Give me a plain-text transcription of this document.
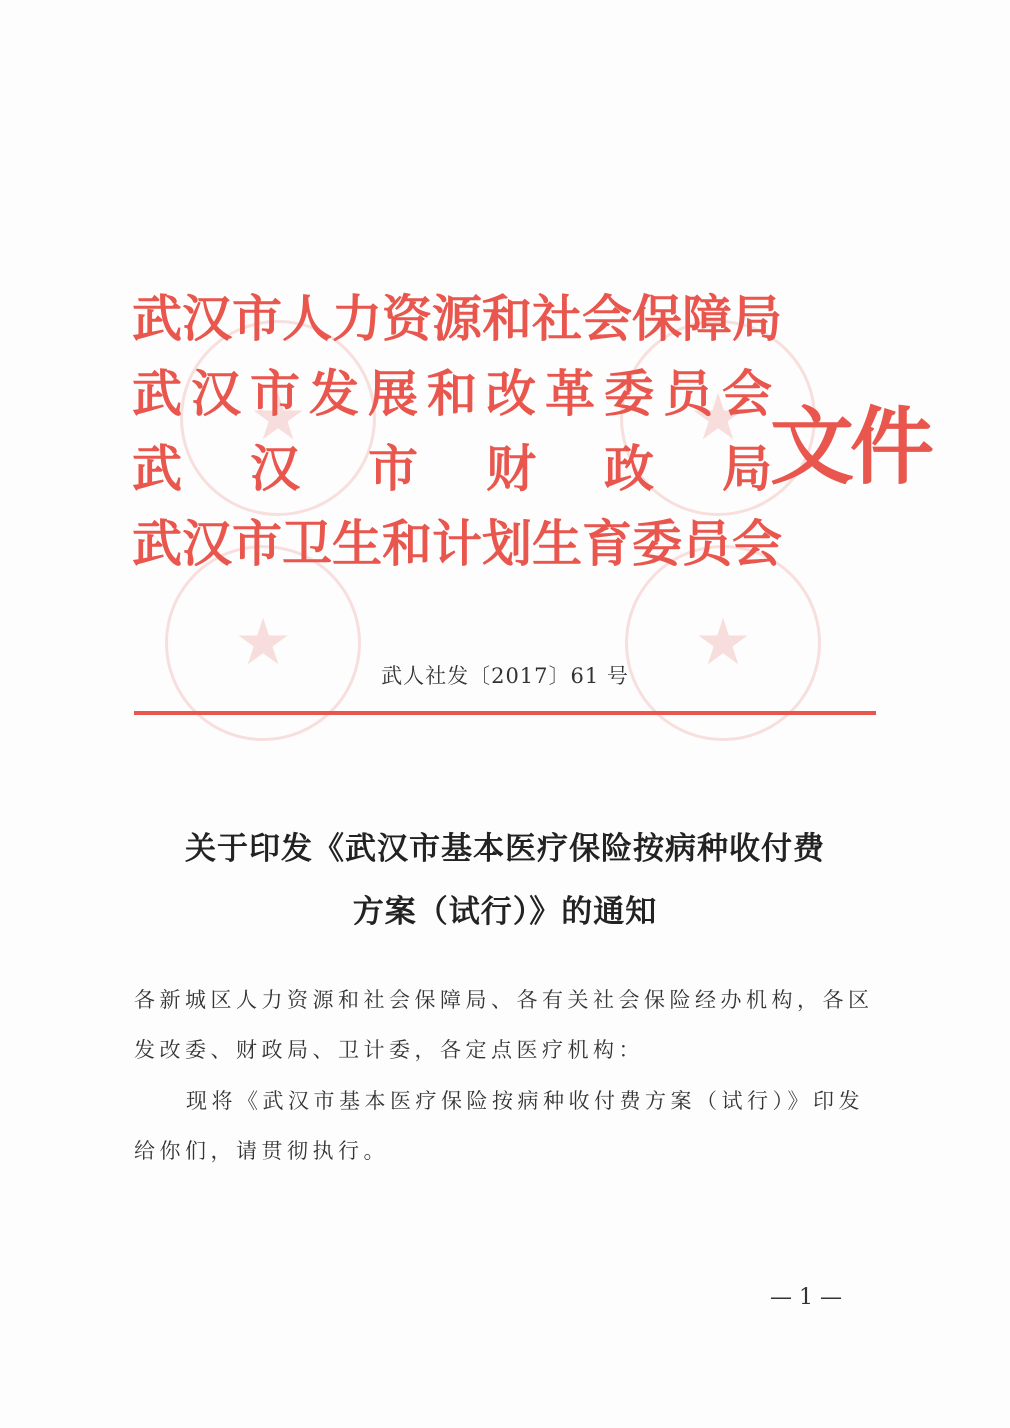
★
★
★
★
武 汉 市 人 力 资 源 和 社 会 保 障 局
武 汉 市 发 展 和 改 革 委 员 会
武 汉 市 财 政 局
武 汉 市 卫 生 和 计 划 生 育 委 员 会
文件
武人社发〔2017〕61 号
关于印发《武汉市基本医疗保险按病种收付费
方案（试行）》的通知
各新城区人力资源和社会保障局、各有关社会保险经办机构，各区发改委、财政局、卫计委，各定点医疗机构：
现将《武汉市基本医疗保险按病种收付费方案（试行）》印发给你们，请贯彻执行。
— 1 —
